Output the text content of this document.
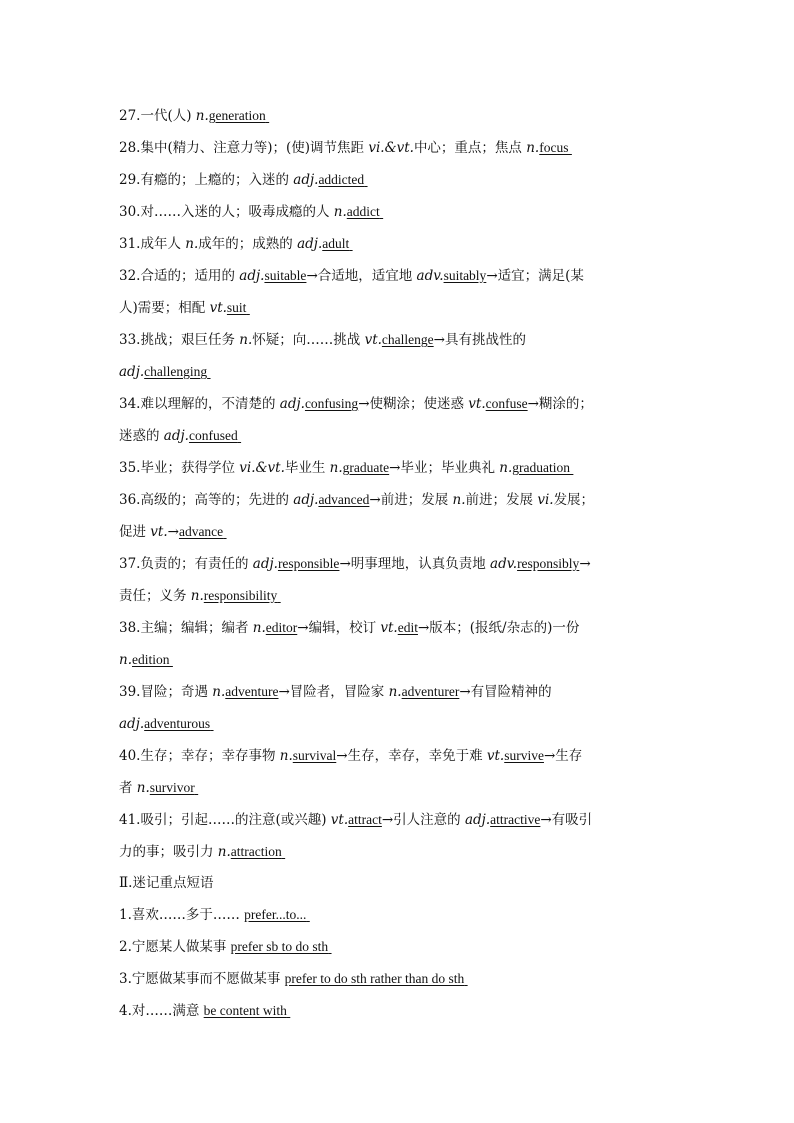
27.一代(人) n.generation
28.集中(精力、注意力等)；(使)调节焦距 vi.&vt.中心；重点；焦点 n.focus
29.有瘾的；上瘾的；入迷的 adj.addicted
30.对……入迷的人；吸毒成瘾的人 n.addict
31.成年人 n.成年的；成熟的 adj.adult
32.合适的；适用的 adj.suitable→合适地，适宜地 adv.suitably→适宜；满足(某
人)需要；相配 vt.suit
33.挑战；艰巨任务 n.怀疑；向……挑战 vt.challenge→具有挑战性的
adj.challenging
34.难以理解的，不清楚的 adj.confusing→使糊涂；使迷惑 vt.confuse→糊涂的；
迷惑的 adj.confused
35.毕业；获得学位 vi.&vt.毕业生 n.graduate→毕业；毕业典礼 n.graduation
36.高级的；高等的；先进的 adj.advanced→前进；发展 n.前进；发展 vi.发展；
促进 vt.→advance
37.负责的；有责任的 adj.responsible→明事理地，认真负责地 adv.responsibly→
责任；义务 n.responsibility
38.主编；编辑；编者 n.editor→编辑，校订 vt.edit→版本；(报纸/杂志的)一份
n.edition
39.冒险；奇遇 n.adventure→冒险者，冒险家 n.adventurer→有冒险精神的
adj.adventurous
40.生存；幸存；幸存事物 n.survival→生存，幸存，幸免于难 vt.survive→生存
者 n.survivor
41.吸引；引起……的注意(或兴趣) vt.attract→引人注意的 adj.attractive→有吸引
力的事；吸引力 n.attraction
Ⅱ.迷记重点短语
1.喜欢……多于…… prefer...to...
2.宁愿某人做某事 prefer sb to do sth
3.宁愿做某事而不愿做某事 prefer to do sth rather than do sth
4.对……满意 be content with
